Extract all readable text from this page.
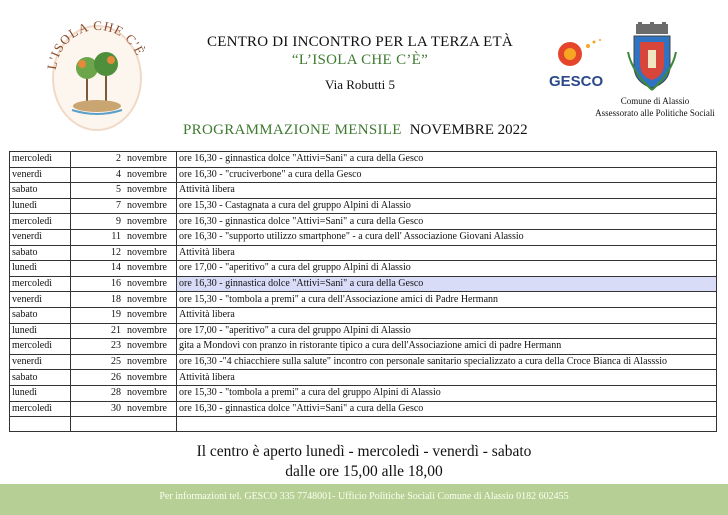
L'ISOLA CHE C'È
CENTRO DI INCONTRO PER LA TERZA ETÀ
“L’ISOLA CHE C’È”
Via Robutti 5	GESCO
Comune di Alassio
Assessorato alle Politiche Sociali
PROGRAMMAZIONE MENSILE NOVEMBRE 2022
mercoledì	2 novembre	ore 16,30 - ginnastica dolce "Attivi=Sani" a cura della Gesco
venerdì	4 novembre	ore 16,30 - "cruciverbone" a cura della Gesco
sabato	5 novembre	Attività libera
lunedì	7 novembre	ore 15,30 - Castagnata a cura del gruppo Alpini di Alassio
mercoledì	9 novembre	ore 16,30 - ginnastica dolce "Attivi=Sani" a cura della Gesco
venerdì	11 novembre	ore 16,30 - "supporto utilizzo smartphone" - a cura dell' Associazione Giovani Alassio
sabato	12 novembre	Attività libera
lunedì	14 novembre	ore 17,00 - "aperitivo" a cura del gruppo Alpini di Alassio
mercoledì	16 novembre	ore 16,30 - ginnastica dolce "Attivi=Sani" a cura della Gesco
venerdì	18 novembre	ore 15,30 - "tombola a premi" a cura dell'Associazione amici di Padre Hermann
sabato	19 novembre	Attività libera
lunedì	21 novembre	ore 17,00 - "aperitivo" a cura del gruppo Alpini di Alassio
mercoledì	23 novembre	gita a Mondovì con pranzo in ristorante tipico a cura dell'Associazione amici di padre Hermann
venerdì	25 novembre	ore 16,30 -"4 chiacchiere sulla salute" incontro con personale sanitario specializzato a cura della Croce Bianca di Alasssio
sabato	26 novembre	Attività libera
lunedì	28 novembre	ore 15,30 - "tombola a premi" a cura del gruppo Alpini di Alassio
mercoledì	30 novembre	ore 16,30 - ginnastica dolce "Attivi=Sani" a cura della Gesco

Il centro è aperto lunedì - mercoledì - venerdì - sabato
dalle ore 15,00 alle 18,00
Per informazioni tel. GESCO 335 7748001- Ufficio Politiche Sociali Comune di Alassio 0182 602455
